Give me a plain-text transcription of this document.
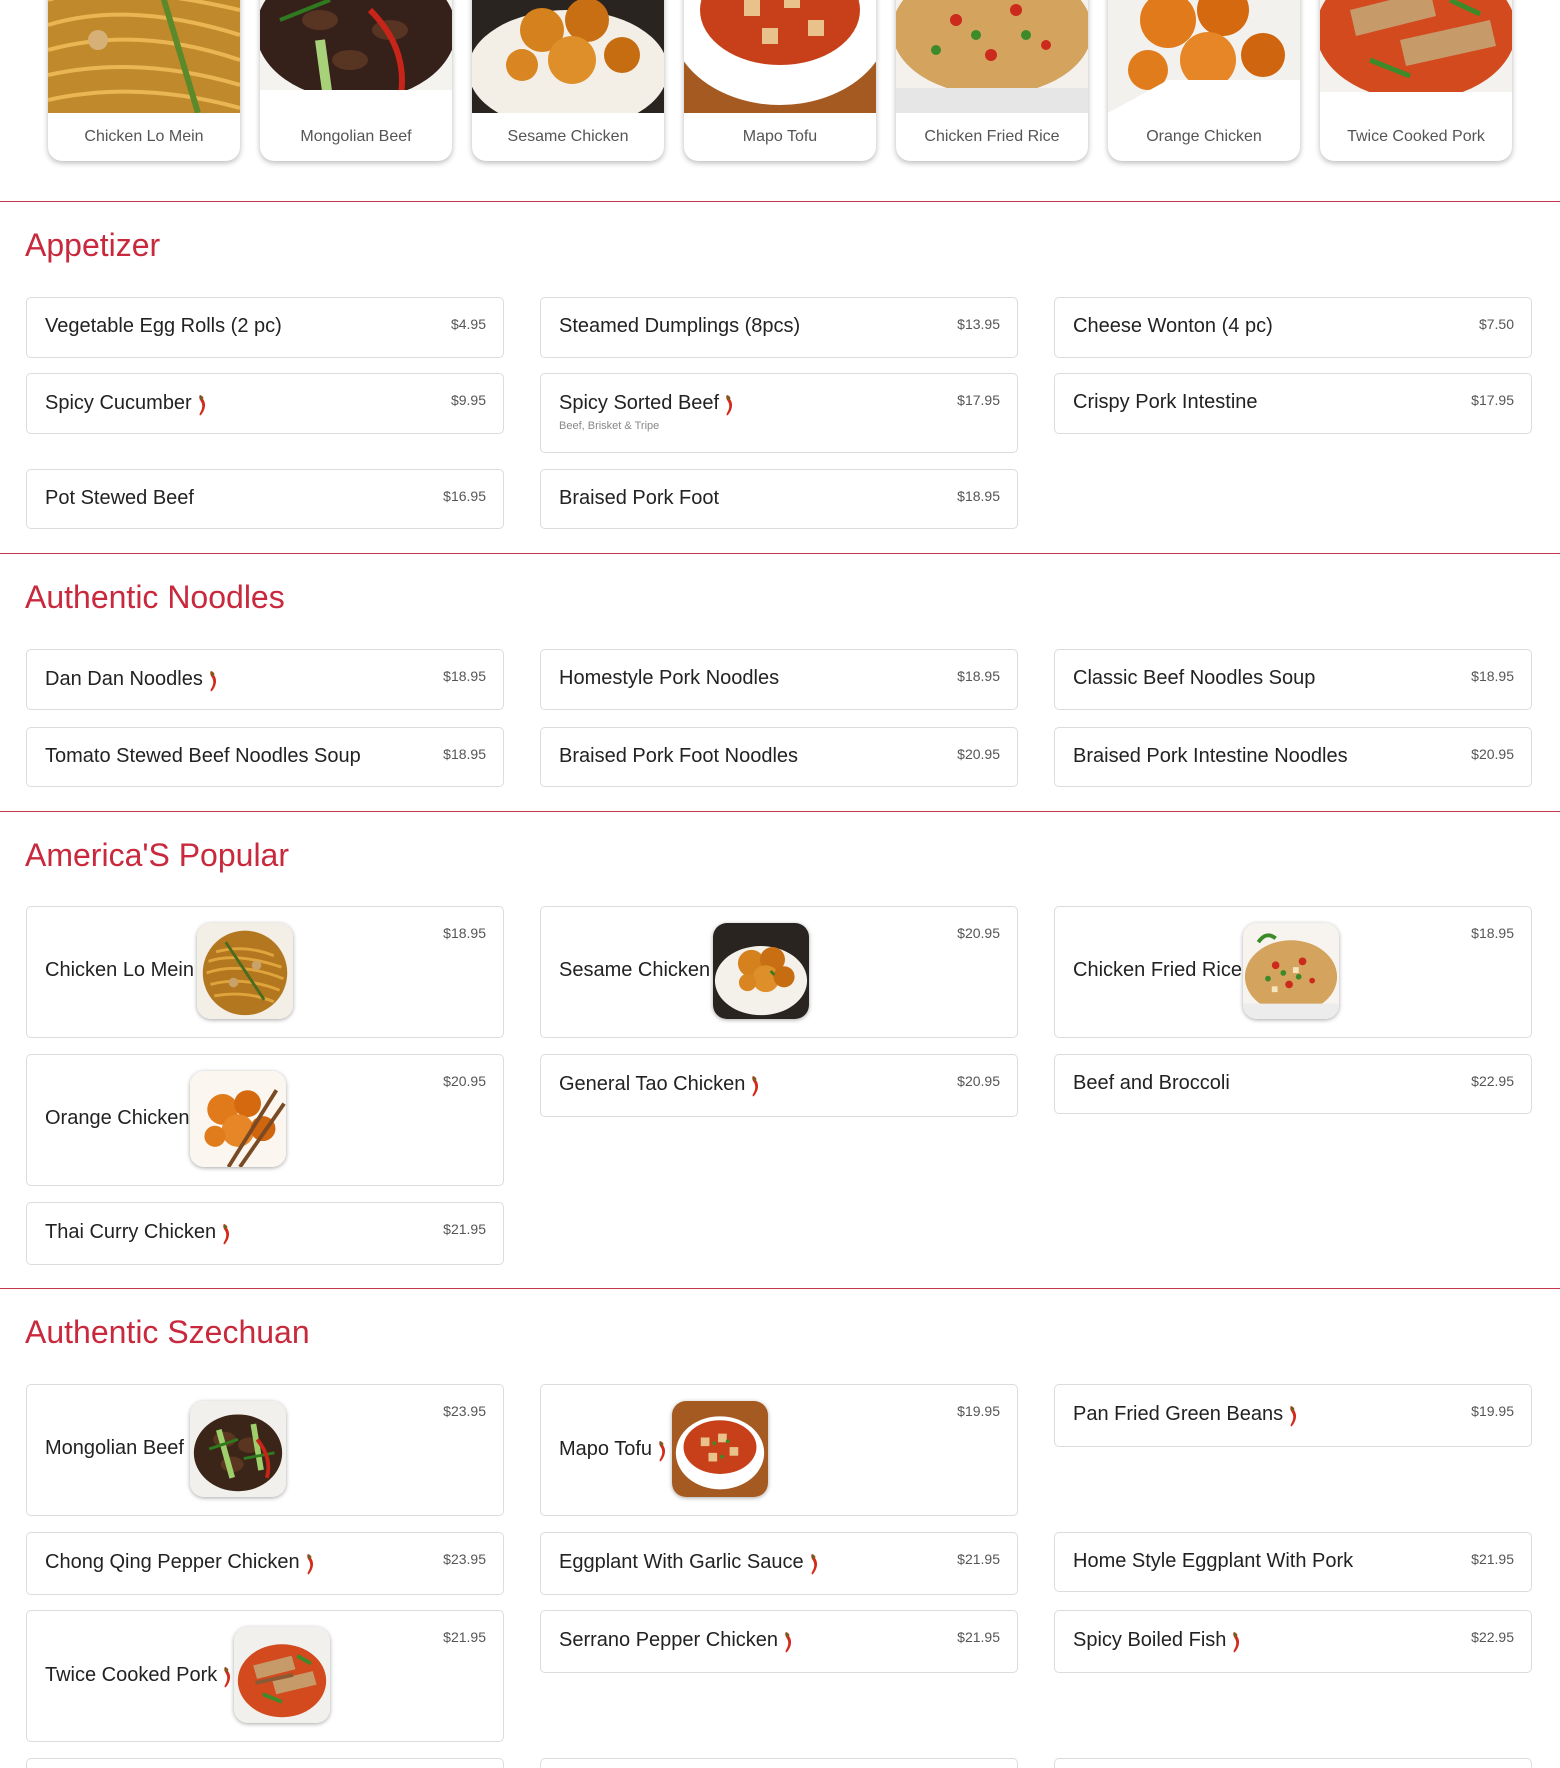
Chicken Lo Mein	Mongolian Beef	Sesame Chicken	Mapo Tofu	Chicken Fried Rice	Orange Chicken	Twice Cooked Pork
Appetizer
Vegetable Egg Rolls (2 pc)	$4.95	Steamed Dumplings (8pcs)	$13.95	Cheese Wonton (4 pc)	$7.50
Spicy Cucumber	$9.95	Spicy Sorted Beef
Beef, Brisket & Tripe
$17.95	Crispy Pork Intestine	$17.95
Pot Stewed Beef	$16.95	Braised Pork Foot	$18.95
Authentic Noodles
Dan Dan Noodles	$18.95	Homestyle Pork Noodles	$18.95	Classic Beef Noodles Soup	$18.95
Tomato Stewed Beef Noodles Soup	$18.95	Braised Pork Foot Noodles	$20.95	Braised Pork Intestine Noodles	$20.95
America'S Popular
Chicken Lo Mein
$18.95
Sesame Chicken
$20.95
Chicken Fried Rice
$18.95
Orange Chicken
$20.95	General Tao Chicken	$20.95	Beef and Broccoli	$22.95
Thai Curry Chicken	$21.95
Authentic Szechuan
Mongolian Beef
$23.95
Mapo Tofu
$19.95	Pan Fried Green Beans	$19.95
Chong Qing Pepper Chicken	$23.95	Eggplant With Garlic Sauce	$21.95	Home Style Eggplant With Pork	$21.95
Twice Cooked Pork
$21.95	Serrano Pepper Chicken	$21.95	Spicy Boiled Fish	$22.95
